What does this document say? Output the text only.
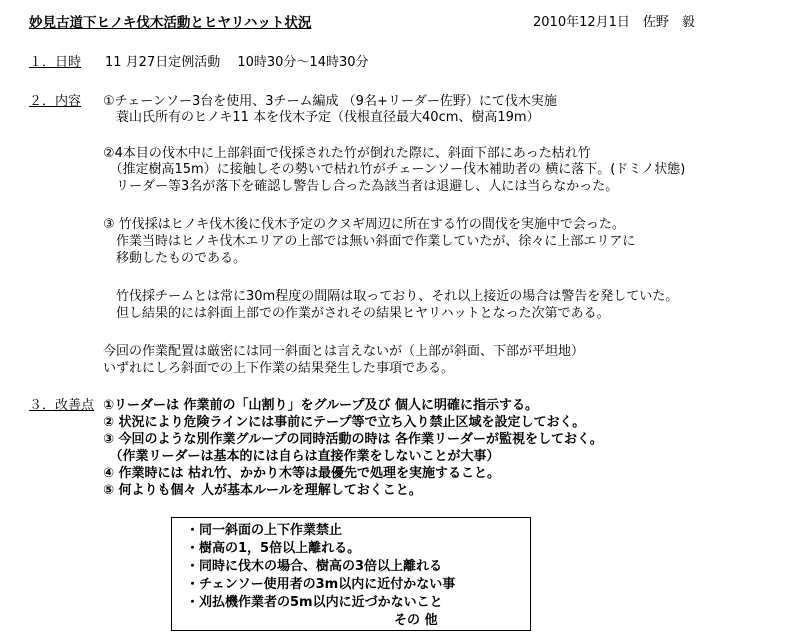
妙見古道下ヒノキ伐木活動とヒヤリハット状況	2010年12月1日　佐野　毅
１．日時 11 月27日定例活動　 10時30分～14時30分
２．内容 ①チェーンソー3台を使用、3チーム編成 （9名+リーダー佐野）にて伐木実施
　蓑山氏所有のヒノキ11 本を伐木予定（伐根直径最大40cm、樹高19m）
②4本目の伐木中に上部斜面で伐採された竹が倒れた際に、斜面下部にあった枯れ竹
　（推定樹高15m）に接触しその勢いで枯れ竹がチェーンソー伐木補助者の 横に落下。(ドミノ状態)
　リーダー等3名が落下を確認し警告し合った為該当者は退避し、人には当らなかった。
③ 竹伐採はヒノキ伐木後に伐木予定のクヌギ周辺に所在する竹の間伐を実施中で会った。
　作業当時はヒノキ伐木エリアの上部では無い斜面で作業していたが、徐々に上部エリアに
　移動したものである。
　竹伐採チームとは常に30m程度の間隔は取っており、それ以上接近の場合は警告を発していた。
　但し結果的には斜面上部での作業がされその結果ヒヤリハットとなった次第である。
今回の作業配置は厳密には同一斜面とは言えないが（上部が斜面、下部が平坦地）
いずれにしろ斜面での上下作業の結果発生した事項である。
３．改善点 ①リーダーは 作業前の「山割り」をグループ及び 個人に明確に指示する。
② 状況により危険ラインには事前にテープ等で立ち入り禁止区域を設定しておく。
③ 今回のような別作業グループの同時活動の時は 各作業リーダーが監視をしておく。
　（作業リーダーは基本的には自らは直接作業をしないことが大事）
④ 作業時には 枯れ竹、かかり木等は最優先で処理を実施すること。
⑤ 何よりも個々 人が基本ルールを理解しておくこと。
・同一斜面の上下作業禁止
・樹高の1，5倍以上離れる。
・同時に伐木の場合、樹高の3倍以上離れる
・チェンソー使用者の3m以内に近付かない事
・刈払機作業者の5m以内に近づかないこと
その 他
